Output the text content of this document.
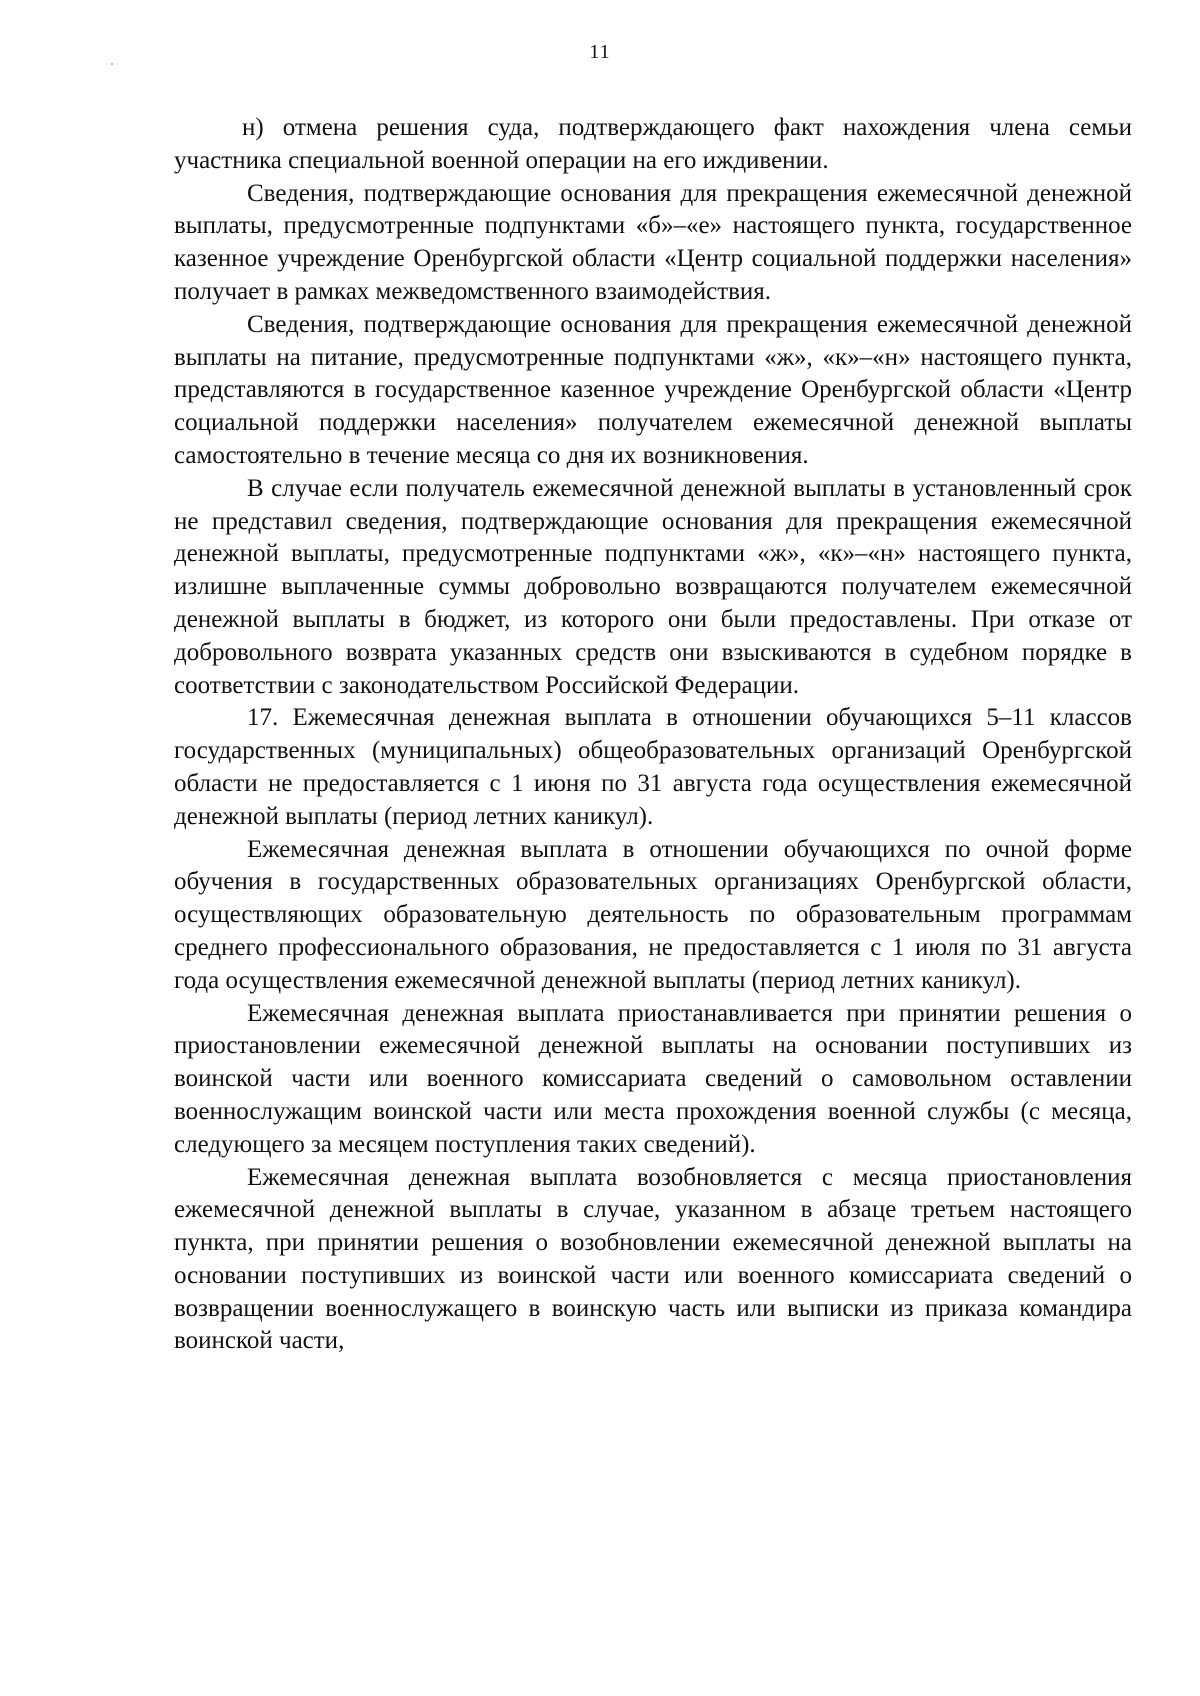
11

н) отмена решения суда, подтверждающего факт нахождения члена семьи участника специальной военной операции на его иждивении.

Сведения, подтверждающие основания для прекращения ежемесячной денежной выплаты, предусмотренные подпунктами «б»–«е» настоящего пункта, государственное казенное учреждение Оренбургской области «Центр социальной поддержки населения» получает в рамках межведомственного взаимодействия.

Сведения, подтверждающие основания для прекращения ежемесячной денежной выплаты на питание, предусмотренные подпунктами «ж», «к»–«н» настоящего пункта, представляются в государственное казенное учреждение Оренбургской области «Центр социальной поддержки населения» получателем ежемесячной денежной выплаты самостоятельно в течение месяца со дня их возникновения.

В случае если получатель ежемесячной денежной выплаты в установленный срок не представил сведения, подтверждающие основания для прекращения ежемесячной денежной выплаты, предусмотренные подпунктами «ж», «к»–«н» настоящего пункта, излишне выплаченные суммы добровольно возвращаются получателем ежемесячной денежной выплаты в бюджет, из которого они были предоставлены. При отказе от добровольного возврата указанных средств они взыскиваются в судебном порядке в соответствии с законодательством Российской Федерации.

17. Ежемесячная денежная выплата в отношении обучающихся 5–11 классов государственных (муниципальных) общеобразовательных организаций Оренбургской области не предоставляется с 1 июня по 31 августа года осуществления ежемесячной денежной выплаты (период летних каникул).

Ежемесячная денежная выплата в отношении обучающихся по очной форме обучения в государственных образовательных организациях Оренбургской области, осуществляющих образовательную деятельность по образовательным программам среднего профессионального образования, не предоставляется с 1 июля по 31 августа года осуществления ежемесячной денежной выплаты (период летних каникул).

Ежемесячная денежная выплата приостанавливается при принятии решения о приостановлении ежемесячной денежной выплаты на основании поступивших из воинской части или военного комиссариата сведений о самовольном оставлении военнослужащим воинской части или места прохождения военной службы (с месяца, следующего за месяцем поступления таких сведений).

Ежемесячная денежная выплата возобновляется с месяца приостановления ежемесячной денежной выплаты в случае, указанном в абзаце третьем настоящего пункта, при принятии решения о возобновлении ежемесячной денежной выплаты на основании поступивших из воинской части или военного комиссариата сведений о возвращении военнослужащего в воинскую часть или выписки из приказа командира воинской части,
